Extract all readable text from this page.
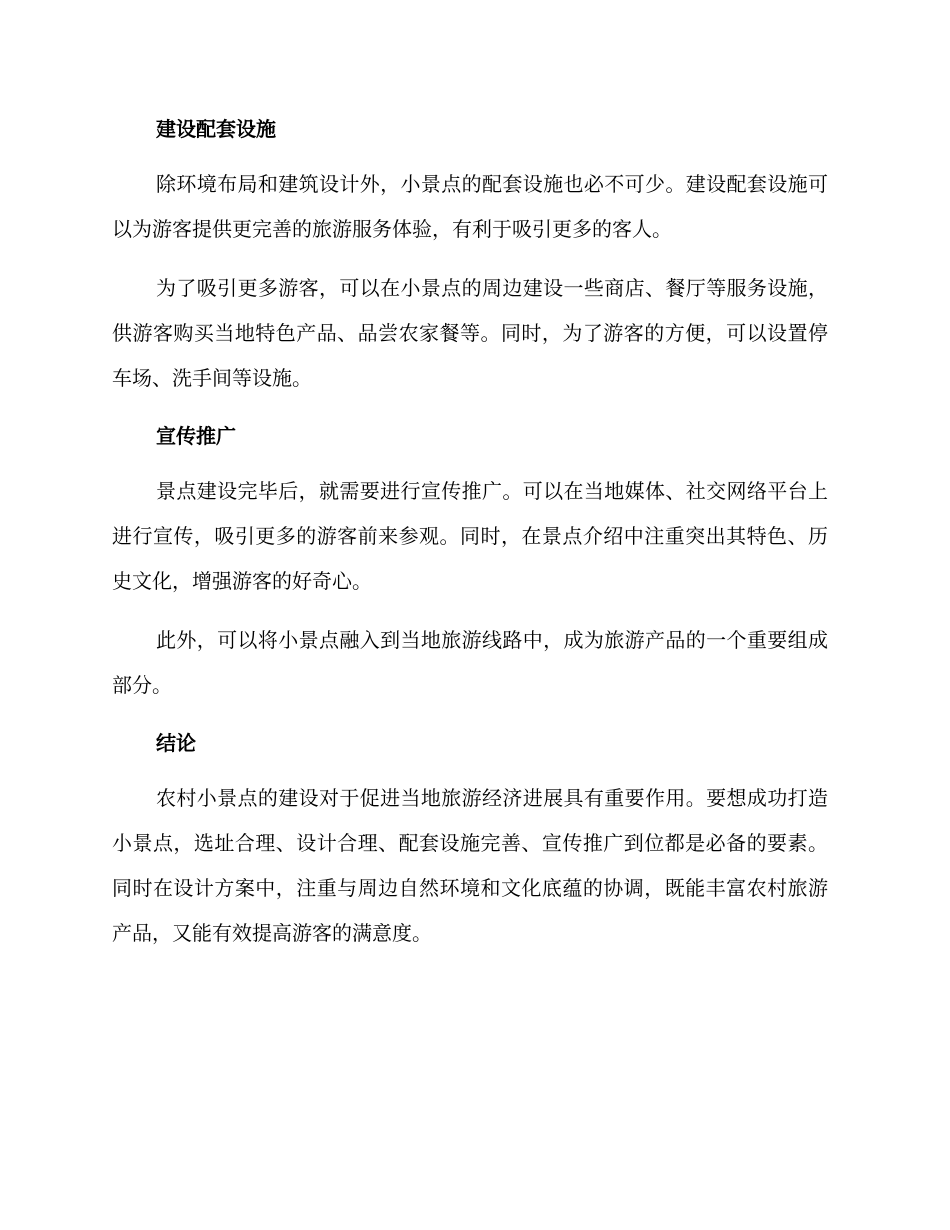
建设配套设施

除环境布局和建筑设计外，小景点的配套设施也必不可少。建设配套设施可以为游客提供更完善的旅游服务体验，有利于吸引更多的客人。

为了吸引更多游客，可以在小景点的周边建设一些商店、餐厅等服务设施，供游客购买当地特色产品、品尝农家餐等。同时，为了游客的方便，可以设置停车场、洗手间等设施。

宣传推广

景点建设完毕后，就需要进行宣传推广。可以在当地媒体、社交网络平台上进行宣传，吸引更多的游客前来参观。同时，在景点介绍中注重突出其特色、历史文化，增强游客的好奇心。

此外，可以将小景点融入到当地旅游线路中，成为旅游产品的一个重要组成部分。

结论

农村小景点的建设对于促进当地旅游经济进展具有重要作用。要想成功打造小景点，选址合理、设计合理、配套设施完善、宣传推广到位都是必备的要素。同时在设计方案中，注重与周边自然环境和文化底蕴的协调，既能丰富农村旅游产品，又能有效提高游客的满意度。
